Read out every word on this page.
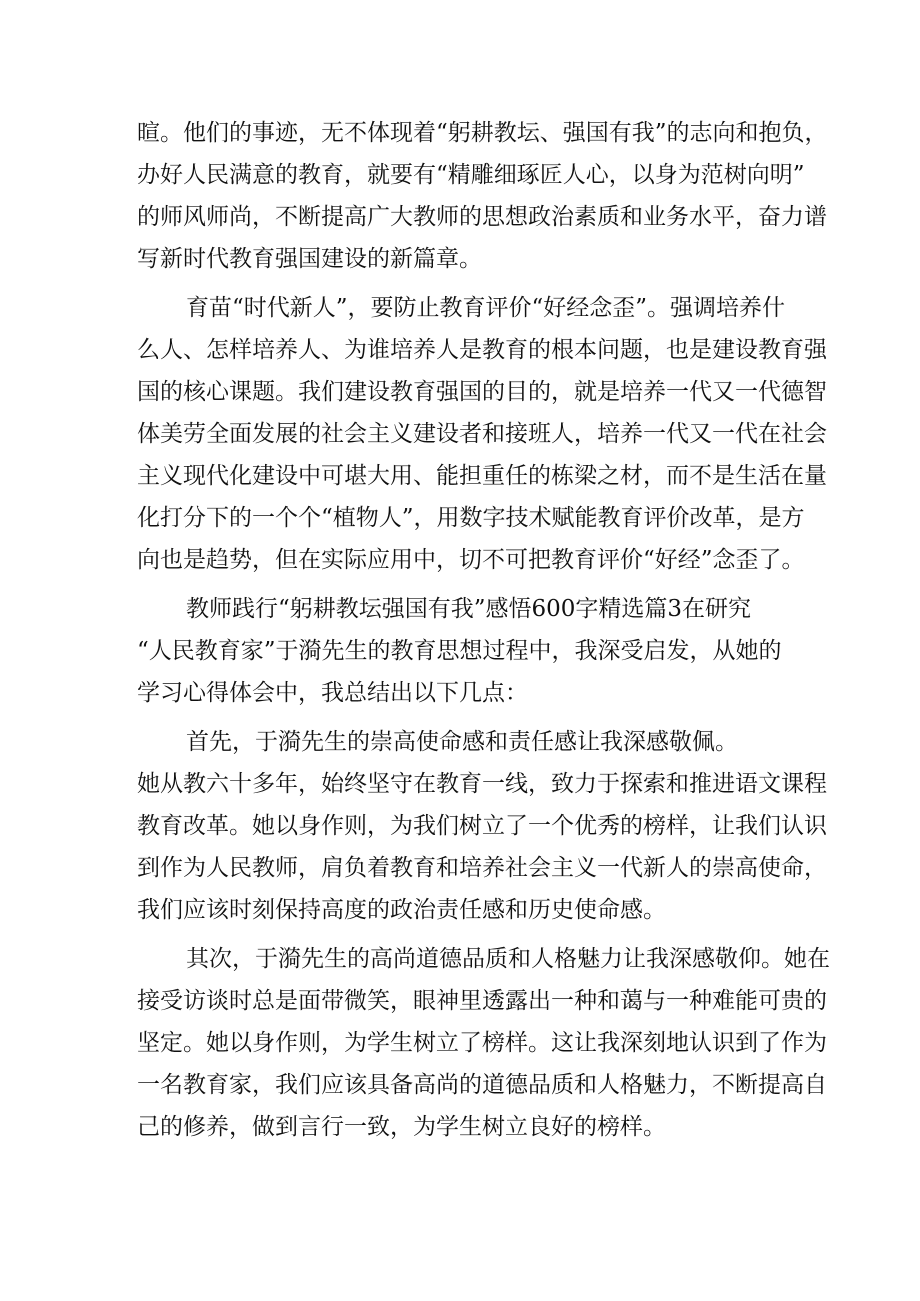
暄。他们的事迹，无不体现着“躬耕教坛、强国有我”的志向和抱负，

办好人民满意的教育，就要有“精雕细琢匠人心，以身为范树向明”

的师风师尚，不断提高广大教师的思想政治素质和业务水平，奋力谱

写新时代教育强国建设的新篇章。

育苗“时代新人”，要防止教育评价“好经念歪”。强调培养什

么人、怎样培养人、为谁培养人是教育的根本问题，也是建设教育强

国的核心课题。我们建设教育强国的目的，就是培养一代又一代德智

体美劳全面发展的社会主义建设者和接班人，培养一代又一代在社会

主义现代化建设中可堪大用、能担重任的栋梁之材，而不是生活在量

化打分下的一个个“植物人”，用数字技术赋能教育评价改革，是方

向也是趋势，但在实际应用中，切不可把教育评价“好经”念歪了。

教师践行“躬耕教坛强国有我”感悟600字精选篇3在研究

“人民教育家”于漪先生的教育思想过程中，我深受启发，从她的

学习心得体会中，我总结出以下几点：

首先，于漪先生的崇高使命感和责任感让我深感敬佩。

她从教六十多年，始终坚守在教育一线，致力于探索和推进语文课程

教育改革。她以身作则，为我们树立了一个优秀的榜样，让我们认识

到作为人民教师，肩负着教育和培养社会主义一代新人的崇高使命，

我们应该时刻保持高度的政治责任感和历史使命感。

其次，于漪先生的高尚道德品质和人格魅力让我深感敬仰。她在

接受访谈时总是面带微笑，眼神里透露出一种和蔼与一种难能可贵的

坚定。她以身作则，为学生树立了榜样。这让我深刻地认识到了作为

一名教育家，我们应该具备高尚的道德品质和人格魅力，不断提高自

己的修养，做到言行一致，为学生树立良好的榜样。
